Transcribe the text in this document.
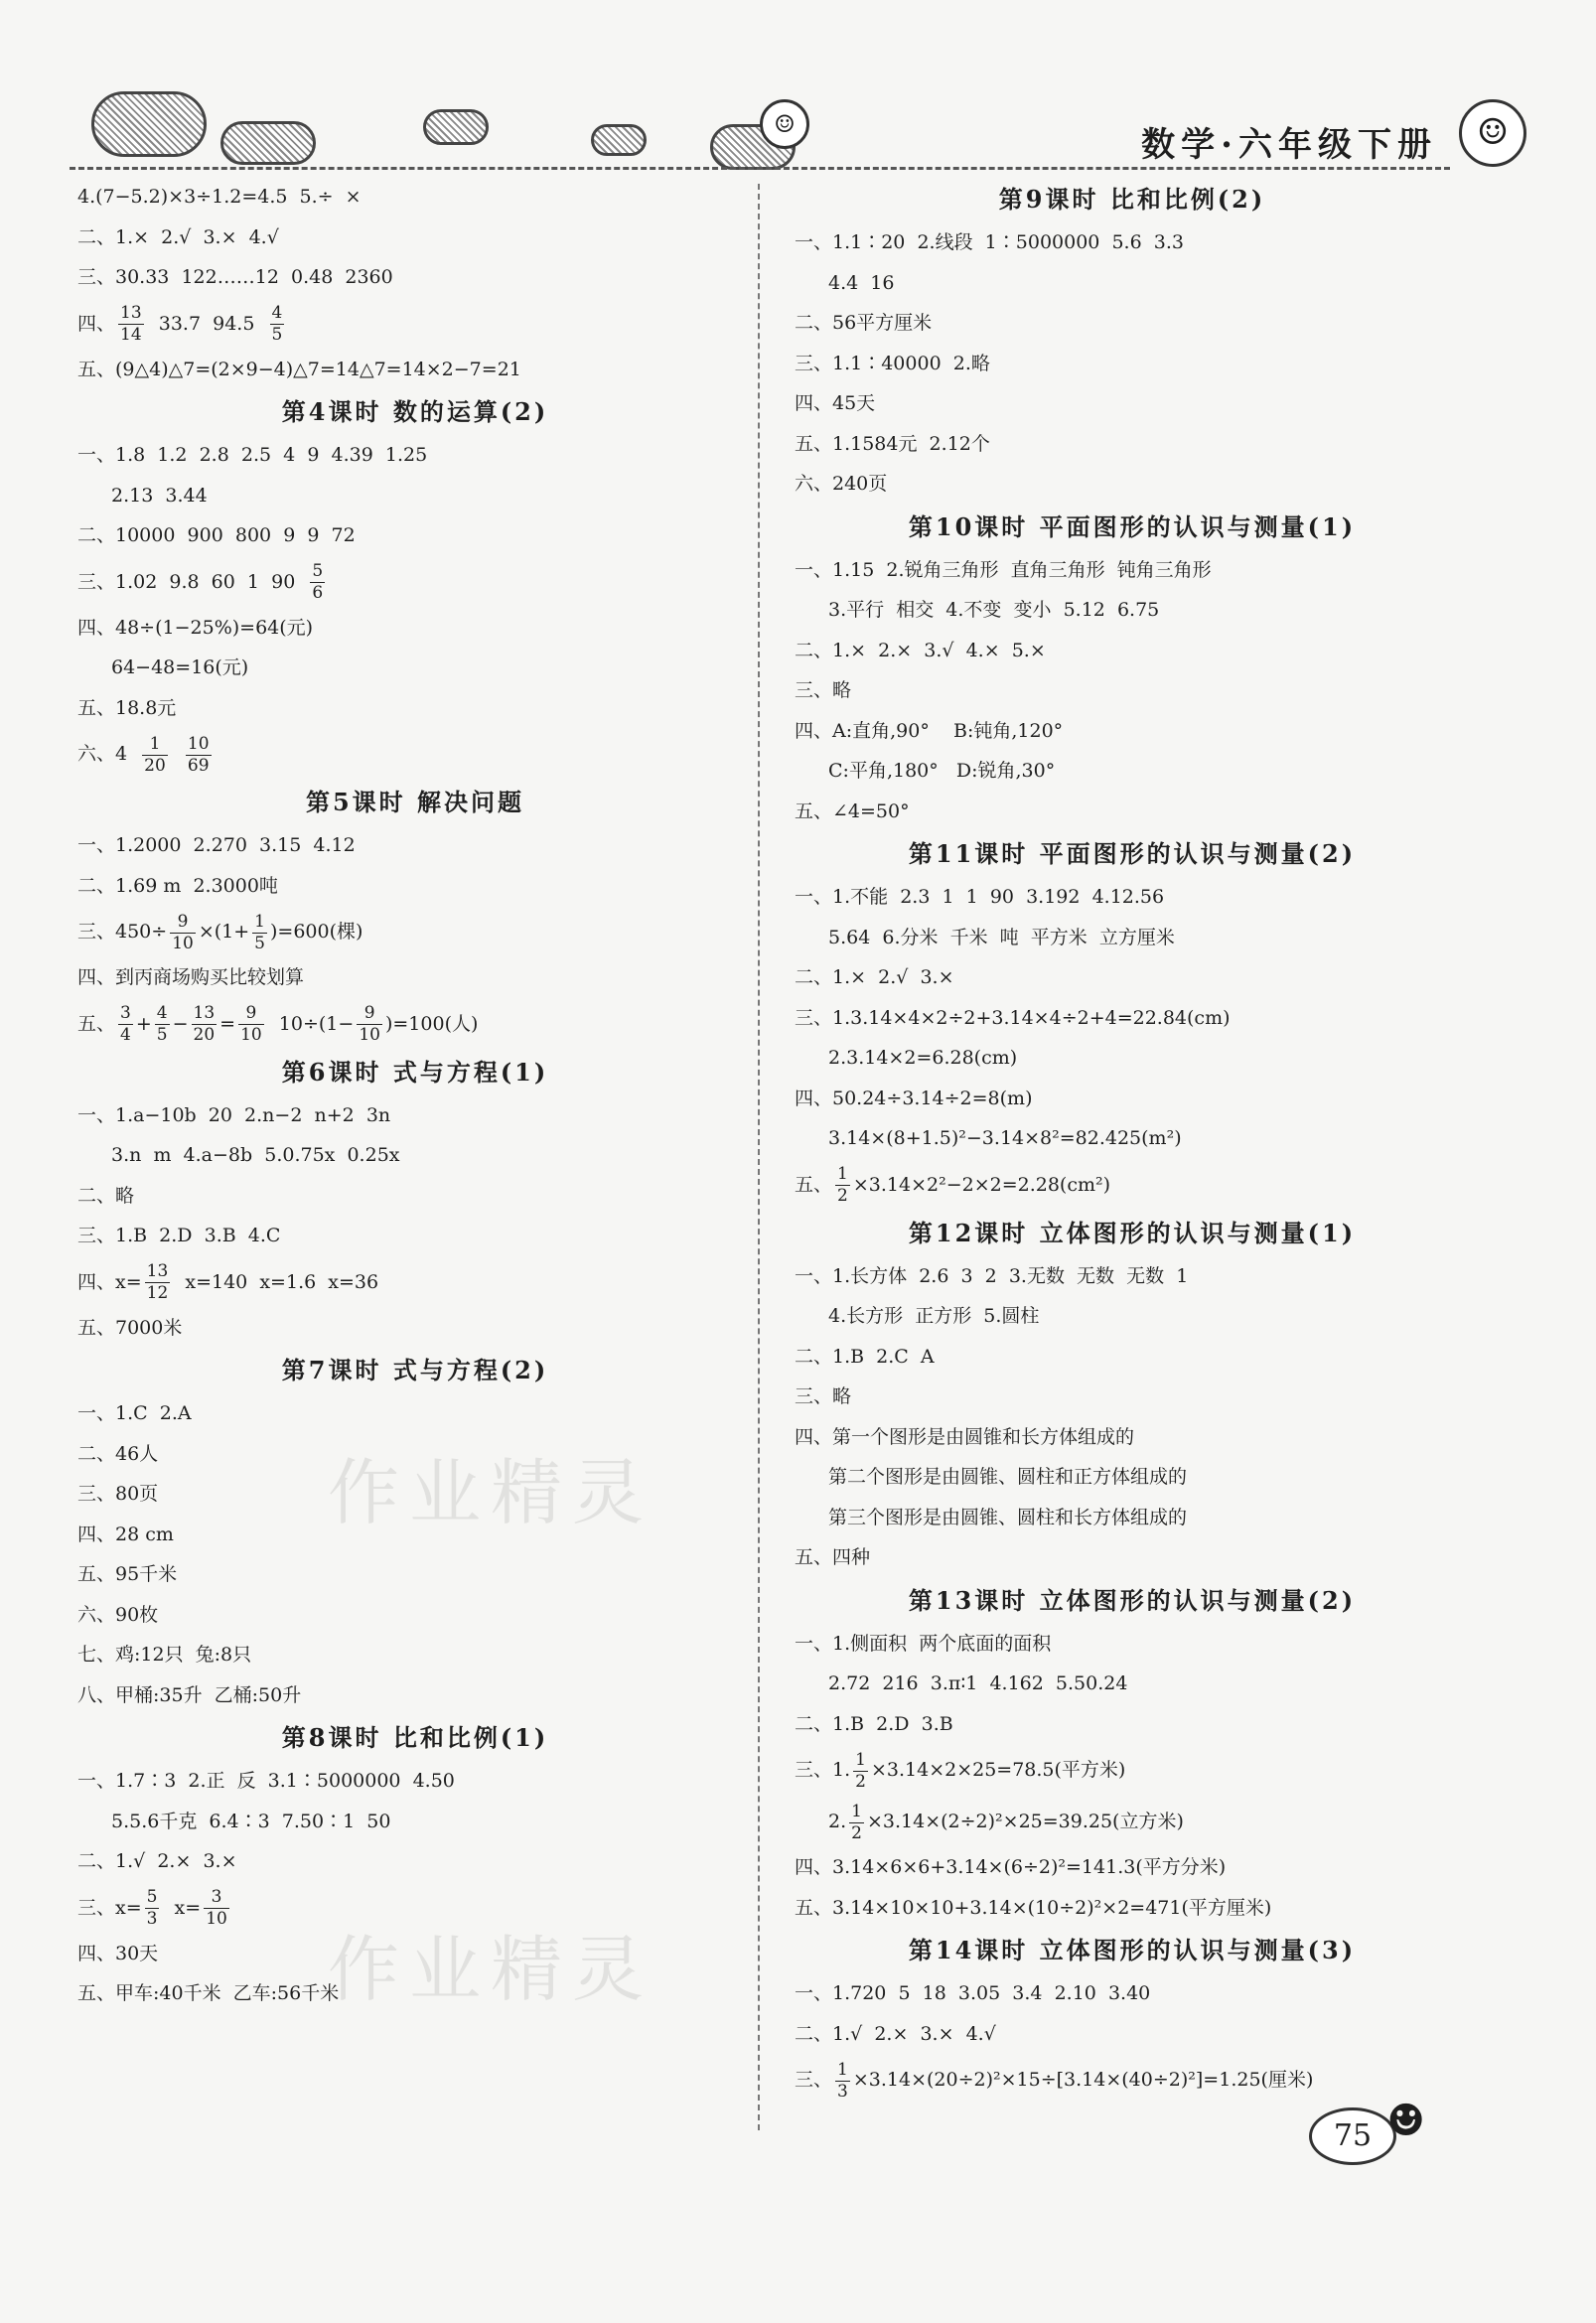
☺
数学·六年级下册	☺
4.(7−5.2)×3÷1.2=4.5  5.÷  ×
二、1.×  2.√  3.×  4.√
三、30.33  122……12  0.48  2360
四、 $\frac{13}{14} 33.7$  $94.5 \frac{4}{5}$
五、(9△4)△7=(2×9−4)△7=14△7=14×2−7=21
第4课时 数的运算(2)
一、1.8  1.2  2.8  2.5  4  9  4.39  1.25
2.13  3.44
二、10000  900  800  9  9  72
三、1.02  9.8  60  1  $90 \frac{5}{6}$
四、48÷(1−25%)=64(元)
64−48=16(元)
五、18.8元
六、$4 \frac{1}{20}$
$\frac{10}{69}$
第5课时 解决问题
一、1.2000  2.270  3.15  4.12
二、1.69 m  2.3000吨
三、$450\div \frac{9}{10} \times(1+ \frac{1}{5} )=600$(棵)
四、到丙商场购买比较划算
五、 $\frac{3}{4} + \frac{4}{5} - \frac{13}{20} = \frac{9}{10} 10\div(1- \frac{9}{10} )=100$(人)
第6课时 式与方程(1)
一、1.a−10b  20  2.n−2  n+2  3n
3.n  m  4.a−8b  5.0.75x  0.25x
二、略
三、1.B  2.D  3.B  4.C
四、$x= \frac{13}{12} x=140$  x=1.6  x=36
五、7000米
第7课时 式与方程(2)
一、1.C  2.A
二、46人
三、80页
四、28 cm
五、95千米
六、90枚
七、鸡:12只  兔:8只
八、甲桶:35升  乙桶:50升
第8课时 比和比例(1)
一、1.7∶3  2.正  反  3.1∶5000000  4.50
5.5.6千克  6.4∶3  7.50∶1  50
二、1.√  2.×  3.×
三、$x= \frac{5}{3} x= \frac{3}{10}$
四、30天
五、甲车:40千米  乙车:56千米
第9课时 比和比例(2)
一、1.1∶20  2.线段  1∶5000000  5.6  3.3
4.4  16
二、56平方厘米
三、1.1∶40000  2.略
四、45天
五、1.1584元  2.12个
六、240页
第10课时 平面图形的认识与测量(1)
一、1.15  2.锐角三角形  直角三角形  钝角三角形
3.平行  相交  4.不变  变小  5.12  6.75
二、1.×  2.×  3.√  4.×  5.×
三、略
四、A:直角,90°    B:钝角,120°
C:平角,180°   D:锐角,30°
五、∠4=50°
第11课时 平面图形的认识与测量(2)
一、1.不能  2.3  1  1  90  3.192  4.12.56
5.64  6.分米  千米  吨  平方米  立方厘米
二、1.×  2.√  3.×
三、1.3.14×4×2÷2+3.14×4÷2+4=22.84(cm)
2.3.14×2=6.28(cm)
四、50.24÷3.14÷2=8(m)
3.14×(8+1.5)²−3.14×8²=82.425(m²)
五、 $\frac{1}{2} \times 3.14\times 2^2-2\times 2=2.28(cm^2)$
第12课时 立体图形的认识与测量(1)
一、1.长方体  2.6  3  2  3.无数  无数  无数  1
4.长方形  正方形  5.圆柱
二、1.B  2.C  A
三、略
四、第一个图形是由圆锥和长方体组成的
第二个图形是由圆锥、圆柱和正方体组成的
第三个图形是由圆锥、圆柱和长方体组成的
五、四种
第13课时 立体图形的认识与测量(2)
一、1.侧面积  两个底面的面积
2.72  216  3.π∶1  4.162  5.50.24
二、1.B  2.D  3.B
三、1. $\frac{1}{2} \times 3.14\times 2\times 25=78.5$(平方米)
2. $\frac{1}{2} \times 3.14\times(2\div 2)^2\times 25=39.25$(立方米)
四、3.14×6×6+3.14×(6÷2)²=141.3(平方分米)
五、3.14×10×10+3.14×(10÷2)²×2=471(平方厘米)
第14课时 立体图形的认识与测量(3)
一、1.720  5  18  3.05  3.4  2.10  3.40
二、1.√  2.×  3.×  4.√
三、 $\frac{1}{3} \times 3.14\times(20\div 2)^2\times 15\div[3.14\times(40\div 2)^2]=1.25$(厘米)
作业精灵
作业精灵
75 ☻
